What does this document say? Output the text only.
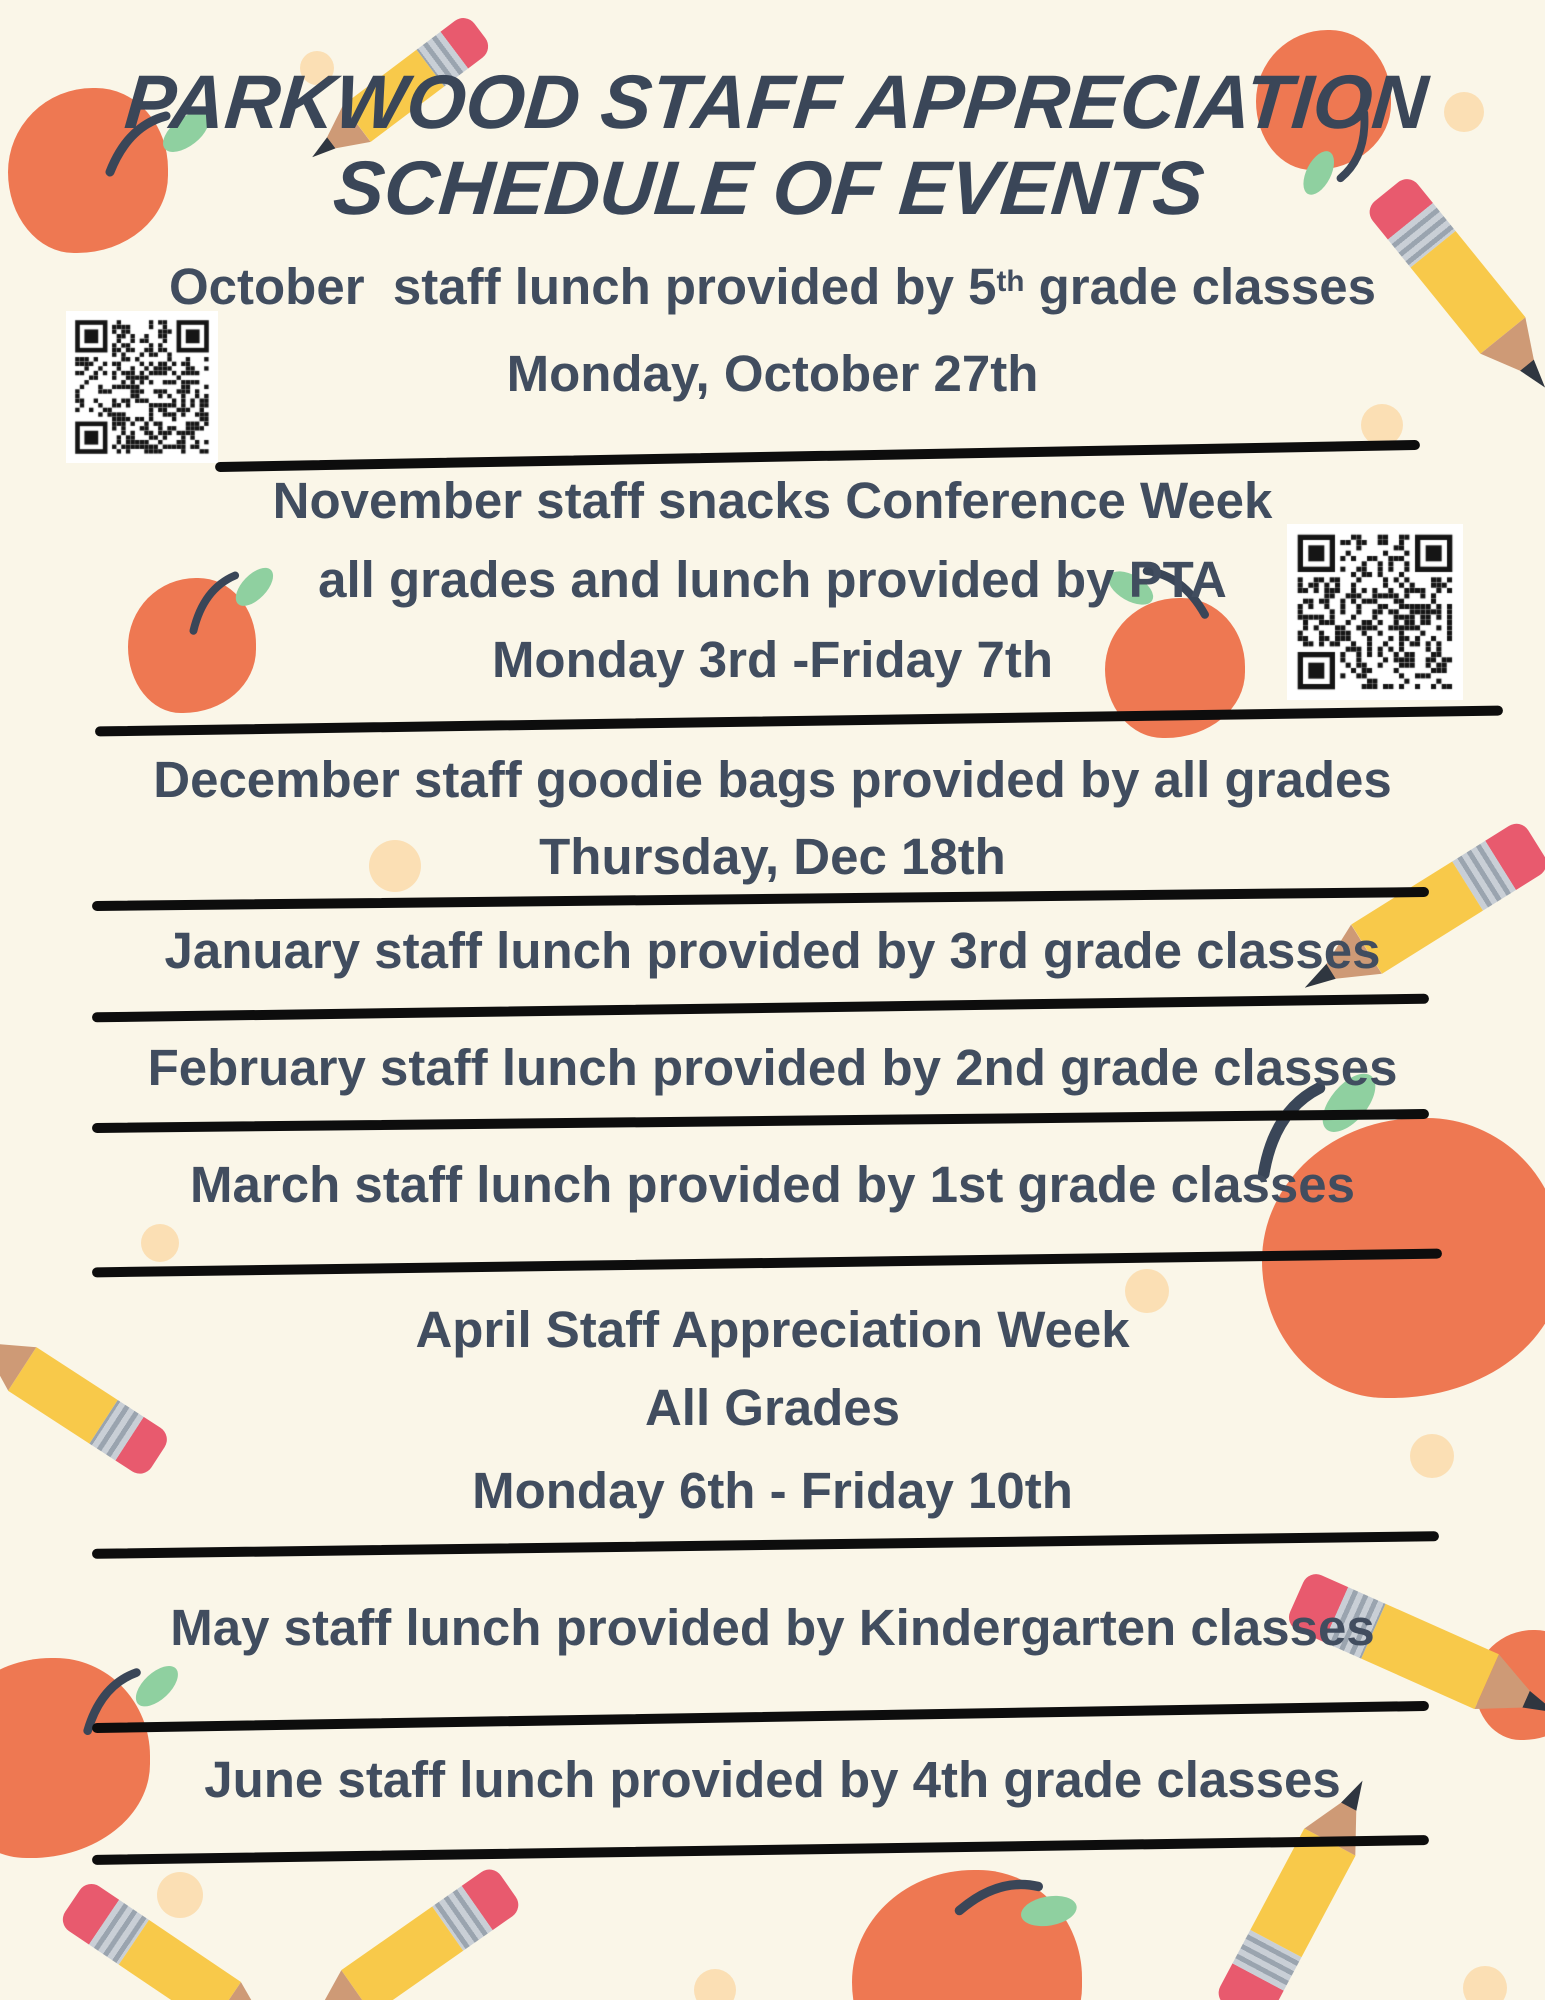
PARKWOOD STAFF APPRECIATION
SCHEDULE OF EVENTS
October  staff lunch provided by 5th grade classes
Monday, October 27th
November staff snacks Conference Week
all grades and lunch provided by PTA
Monday 3rd -Friday 7th
December staff goodie bags provided by all grades
Thursday, Dec 18th
January staff lunch provided by 3rd grade classes
February staff lunch provided by 2nd grade classes
March staff lunch provided by 1st grade classes
April Staff Appreciation Week
All Grades
Monday 6th - Friday 10th
May staff lunch provided by Kindergarten classes
June staff lunch provided by 4th grade classes
